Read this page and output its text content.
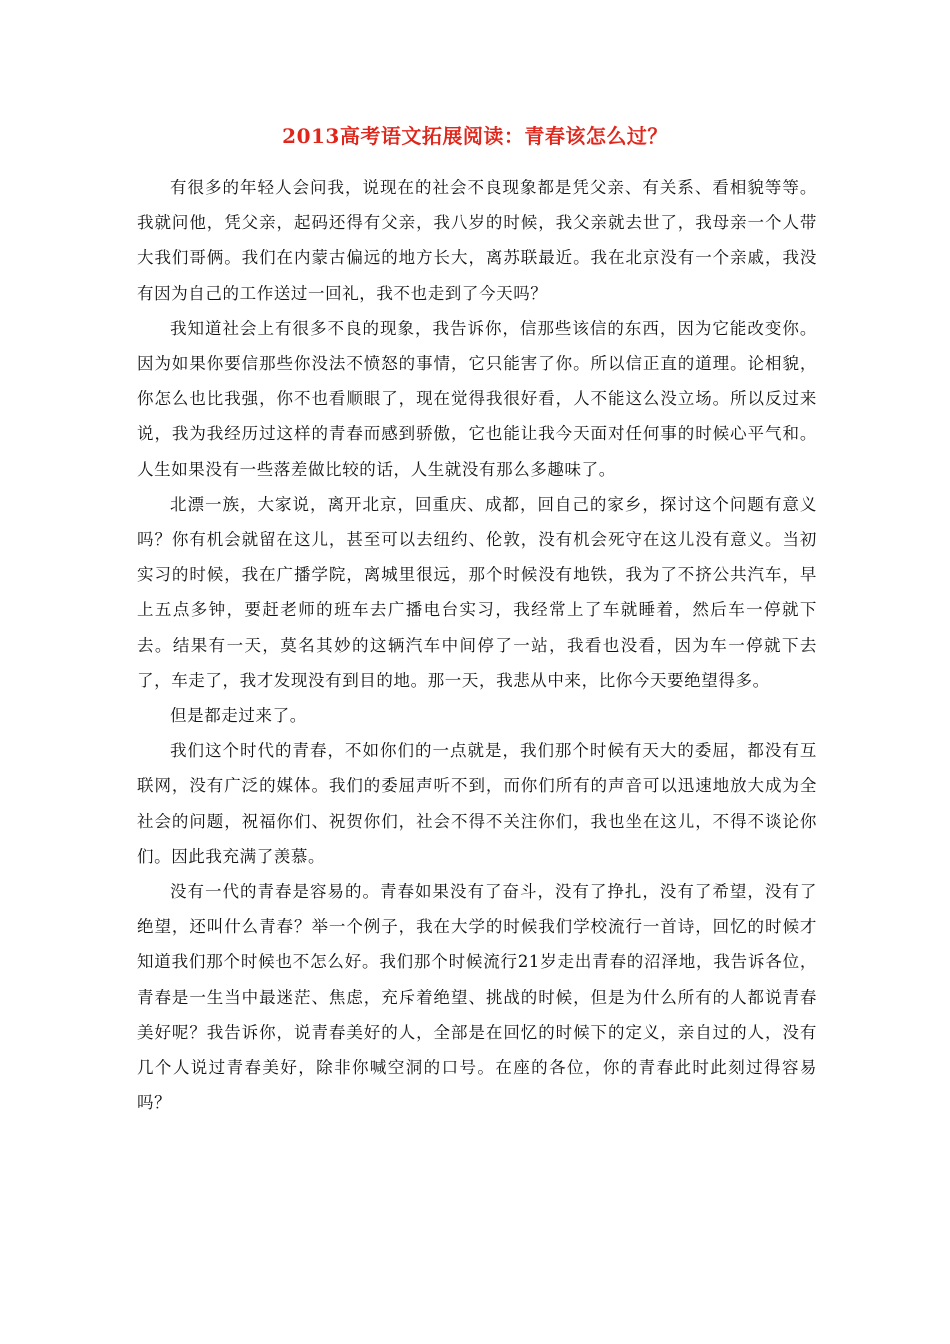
2013高考语文拓展阅读：青春该怎么过？

有很多的年轻人会问我，说现在的社会不良现象都是凭父亲、有关系、看相貌等等。我就问他，凭父亲，起码还得有父亲，我八岁的时候，我父亲就去世了，我母亲一个人带大我们哥俩。我们在内蒙古偏远的地方长大，离苏联最近。我在北京没有一个亲戚，我没有因为自己的工作送过一回礼，我不也走到了今天吗？

我知道社会上有很多不良的现象，我告诉你，信那些该信的东西，因为它能改变你。因为如果你要信那些你没法不愤怒的事情，它只能害了你。所以信正直的道理。论相貌，你怎么也比我强，你不也看顺眼了，现在觉得我很好看，人不能这么没立场。所以反过来说，我为我经历过这样的青春而感到骄傲，它也能让我今天面对任何事的时候心平气和。人生如果没有一些落差做比较的话，人生就没有那么多趣味了。

北漂一族，大家说，离开北京，回重庆、成都，回自己的家乡，探讨这个问题有意义吗？你有机会就留在这儿，甚至可以去纽约、伦敦，没有机会死守在这儿没有意义。当初实习的时候，我在广播学院，离城里很远，那个时候没有地铁，我为了不挤公共汽车，早上五点多钟，要赶老师的班车去广播电台实习，我经常上了车就睡着，然后车一停就下去。结果有一天，莫名其妙的这辆汽车中间停了一站，我看也没看，因为车一停就下去了，车走了，我才发现没有到目的地。那一天，我悲从中来，比你今天要绝望得多。

但是都走过来了。

我们这个时代的青春，不如你们的一点就是，我们那个时候有天大的委屈，都没有互联网，没有广泛的媒体。我们的委屈声听不到，而你们所有的声音可以迅速地放大成为全社会的问题，祝福你们、祝贺你们，社会不得不关注你们，我也坐在这儿，不得不谈论你们。因此我充满了羡慕。

没有一代的青春是容易的。青春如果没有了奋斗，没有了挣扎，没有了希望，没有了绝望，还叫什么青春？举一个例子，我在大学的时候我们学校流行一首诗，回忆的时候才知道我们那个时候也不怎么好。我们那个时候流行21岁走出青春的沼泽地，我告诉各位，青春是一生当中最迷茫、焦虑，充斥着绝望、挑战的时候，但是为什么所有的人都说青春美好呢？我告诉你，说青春美好的人，全部是在回忆的时候下的定义，亲自过的人，没有几个人说过青春美好，除非你喊空洞的口号。在座的各位，你的青春此时此刻过得容易吗？
